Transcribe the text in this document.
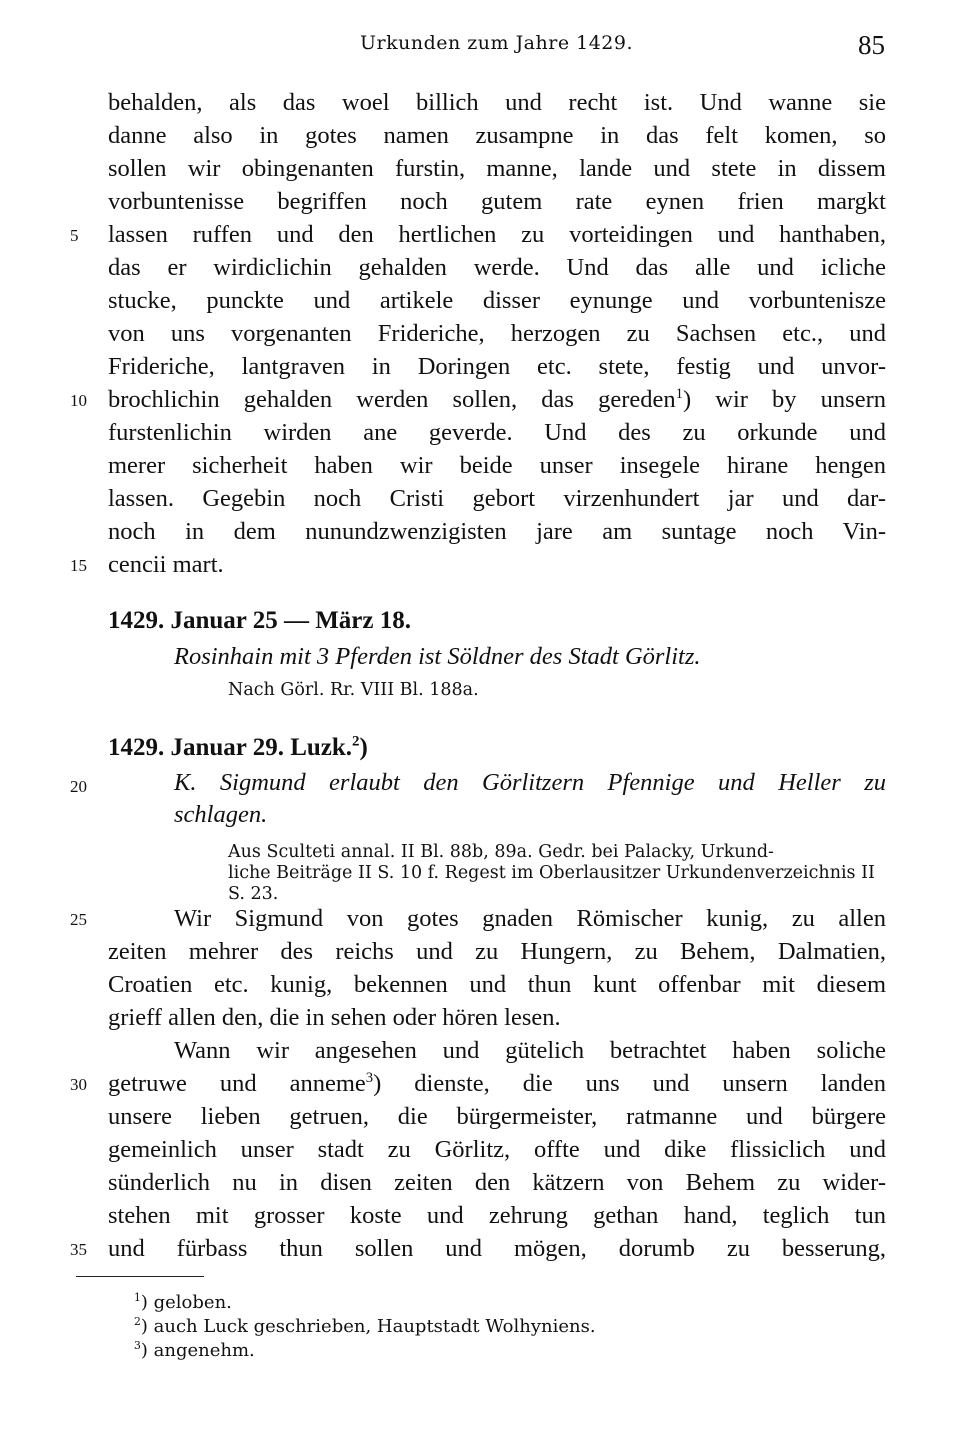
Urkunden zum Jahre 1429.	85
behalden, als das woel billich und recht ist. Und wanne sie
danne also in gotes namen zusampne in das felt komen, so
sollen wir obingenanten furstin, manne, lande und stete in dissem
vorbuntenisse begriffen noch gutem rate eynen frien margkt
lassen ruffen und den hertlichen zu vorteidingen und hanthaben,
das er wirdiclichin gehalden werde. Und das alle und icliche
stucke, punckte und artikele disser eynunge und vorbuntenisze
von uns vorgenanten Frideriche, herzogen zu Sachsen etc., und
Frideriche, lantgraven in Doringen etc. stete, festig und unvor-
brochlichin gehalden werden sollen, das gereden$^1$) wir by unsern
furstenlichin wirden ane geverde. Und des zu orkunde und
merer sicherheit haben wir beide unser insegele hirane hengen
lassen. Gegebin noch Cristi gebort virzenhundert jar und dar-
noch in dem nunundzwenzigisten jare am suntage noch Vin-
cencii mart.
1429. Januar 25 — März 18.
Rosinhain mit 3 Pferden ist Söldner des Stadt Görlitz.
Nach Görl. Rr. VIII Bl. 188a.
1429. Januar 29. Luzk.$^2$)
K. Sigmund erlaubt den Görlitzern Pfennige und Heller zu
schlagen.
Aus Sculteti annal. II Bl. 88b, 89a. Gedr. bei Palacky, Urkund-
liche Beiträge II S. 10 f. Regest im Oberlausitzer Urkundenverzeichnis II
S. 23.
Wir Sigmund von gotes gnaden Römischer kunig, zu allen
zeiten mehrer des reichs und zu Hungern, zu Behem, Dalmatien,
Croatien etc. kunig, bekennen und thun kunt offenbar mit diesem
grieff allen den, die in sehen oder hören lesen.
Wann wir angesehen und gütelich betrachtet haben soliche
getruwe und anneme$^3$) dienste, die uns und unsern landen
unsere lieben getruen, die bürgermeister, ratmanne und bürgere
gemeinlich unser stadt zu Görlitz, offte und dike flissiclich und
sünderlich nu in disen zeiten den kätzern von Behem zu wider-
stehen mit grosser koste und zehrung gethan hand, teglich tun
und fürbass thun sollen und mögen, dorumb zu besserung,
5
10
15
20
25
30
35
$^1$) geloben.
$^2$) auch Luck geschrieben, Hauptstadt Wolhyniens.
$^3$) angenehm.
